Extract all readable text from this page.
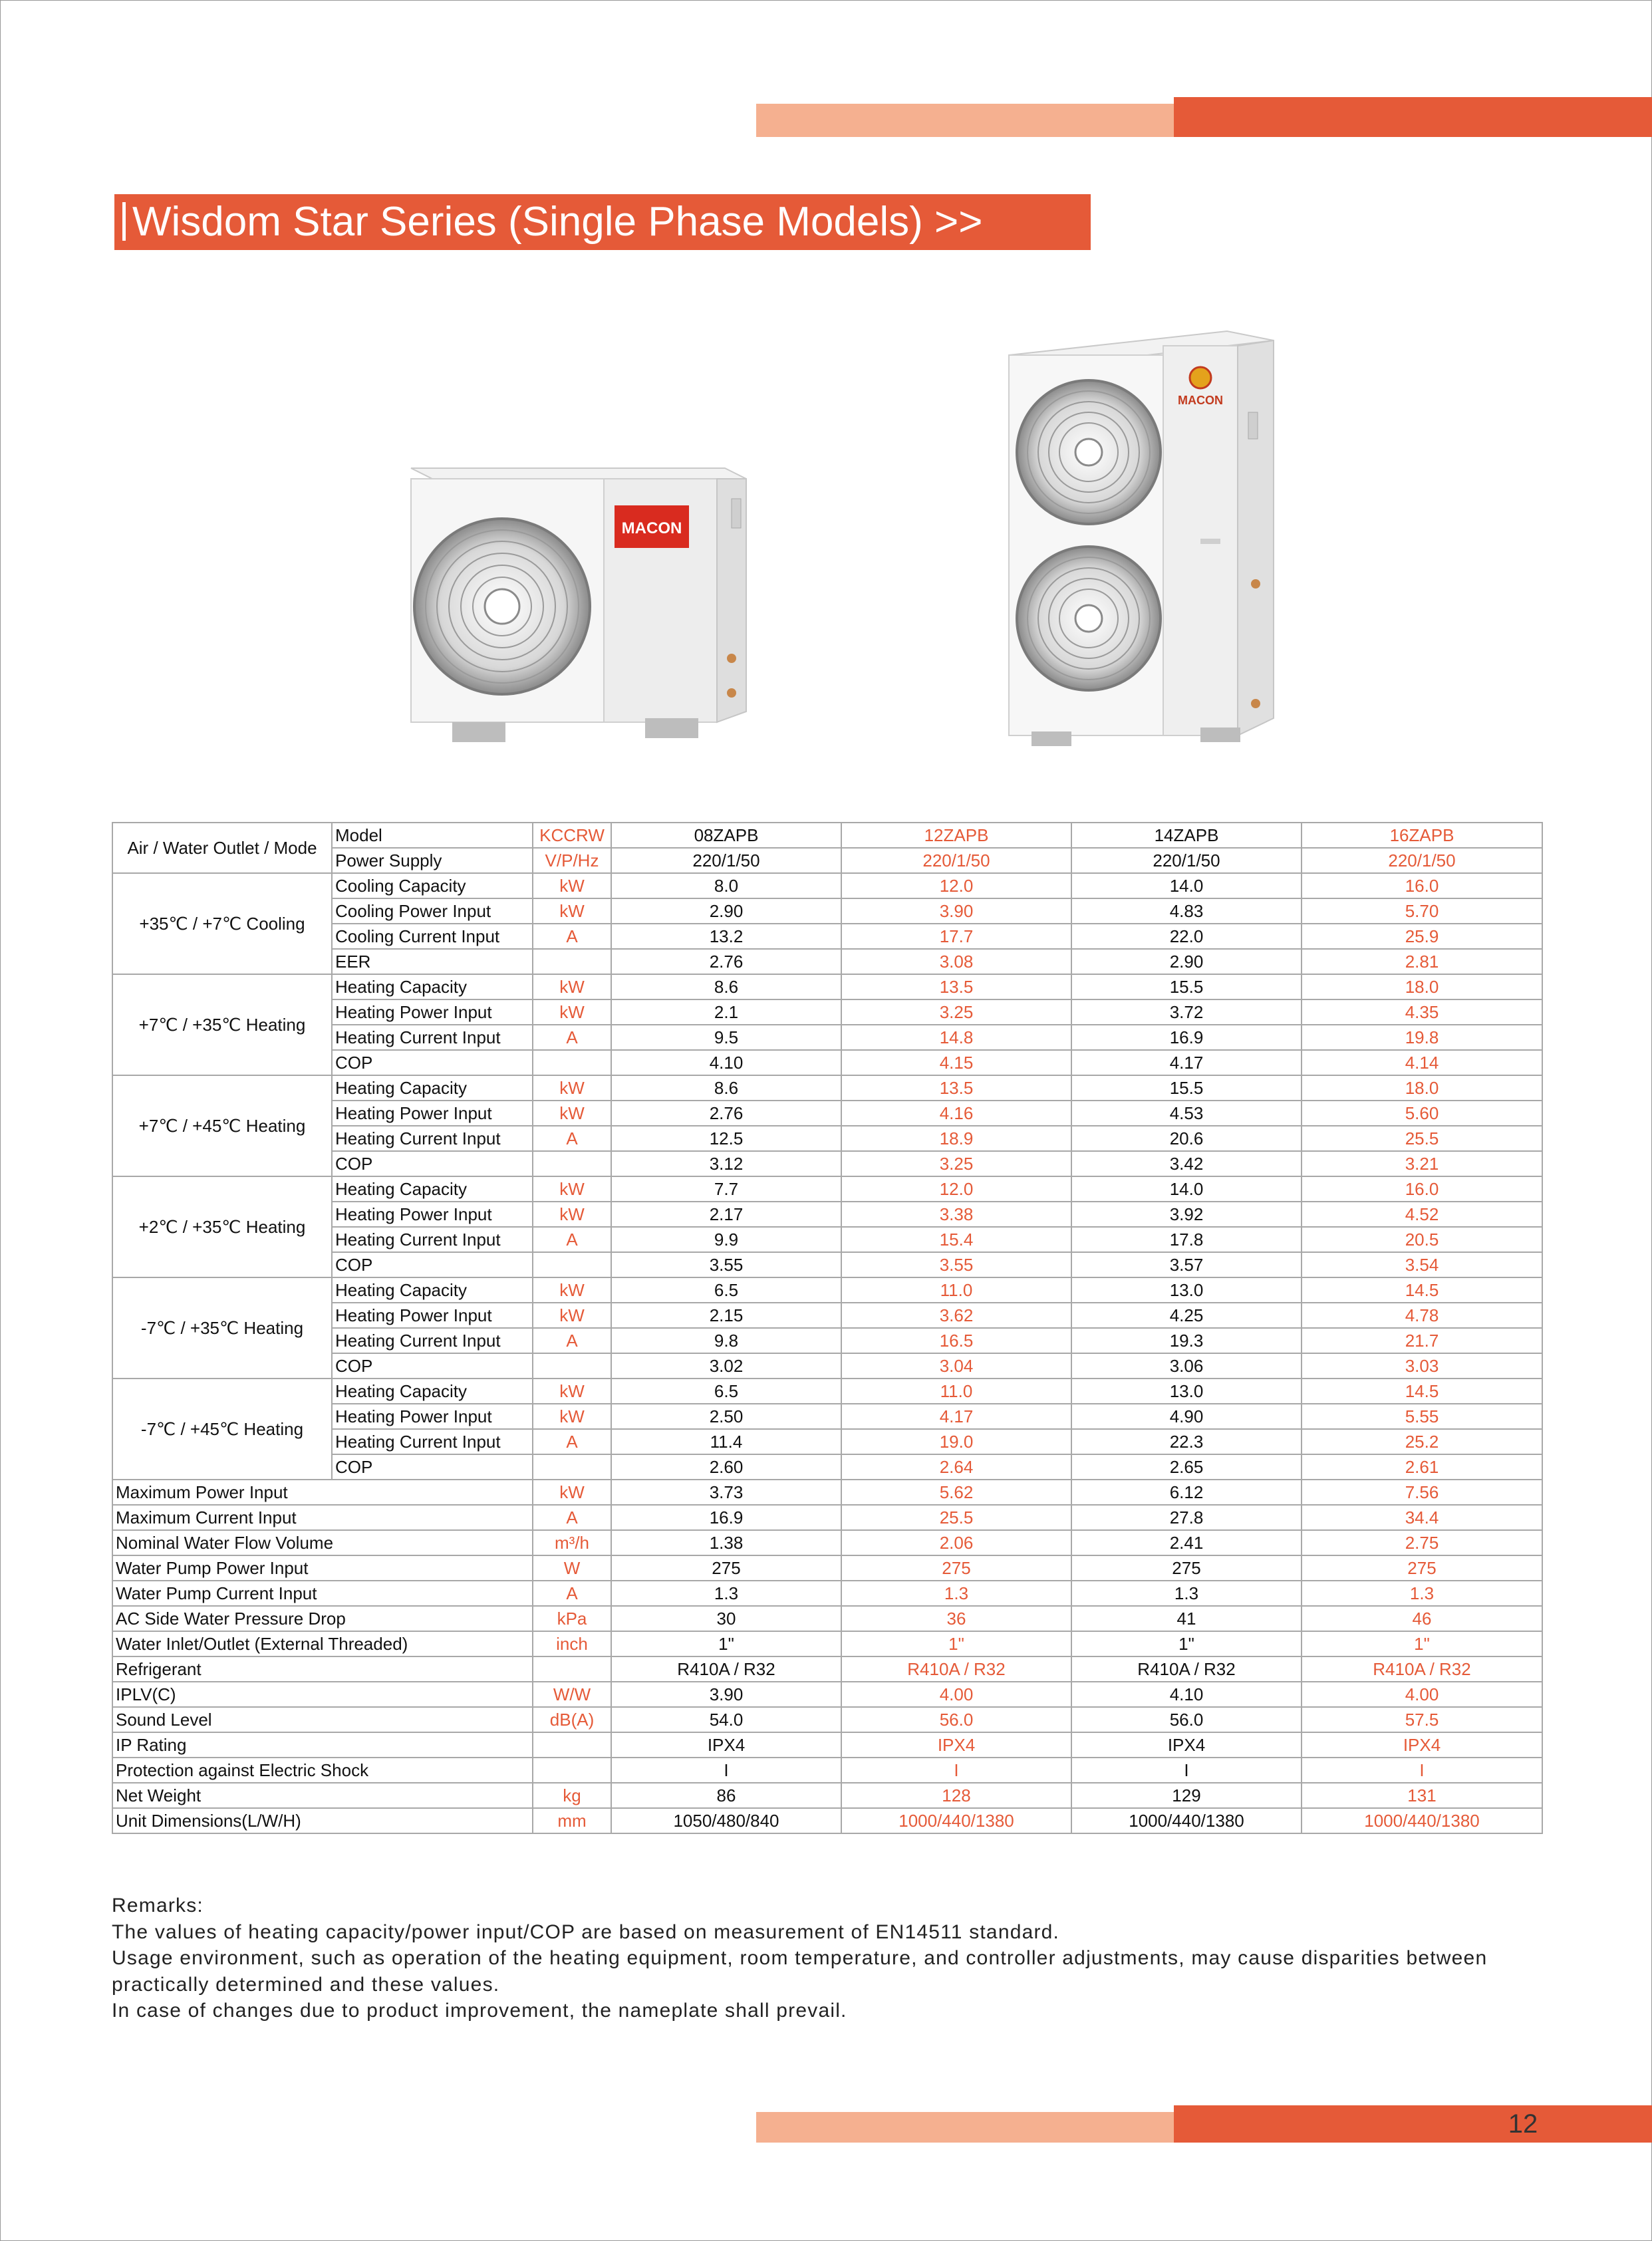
Wisdom Star Series (Single Phase Models) >>
MACON
MACON
Air / Water Outlet / Mode	Model	KCCRW	08ZAPB	12ZAPB	14ZAPB	16ZAPB
	Power Supply	V/P/Hz	220/1/50	220/1/50	220/1/50	220/1/50
+35℃ / +7℃ Cooling	Cooling Capacity	kW	8.0	12.0	14.0	16.0
	Cooling Power Input	kW	2.90	3.90	4.83	5.70
	Cooling Current Input	A	13.2	17.7	22.0	25.9
	EER		2.76	3.08	2.90	2.81
+7℃ / +35℃ Heating	Heating Capacity	kW	8.6	13.5	15.5	18.0
	Heating Power Input	kW	2.1	3.25	3.72	4.35
	Heating Current Input	A	9.5	14.8	16.9	19.8
	COP		4.10	4.15	4.17	4.14
+7℃ / +45℃ Heating	Heating Capacity	kW	8.6	13.5	15.5	18.0
	Heating Power Input	kW	2.76	4.16	4.53	5.60
	Heating Current Input	A	12.5	18.9	20.6	25.5
	COP		3.12	3.25	3.42	3.21
+2℃ / +35℃ Heating	Heating Capacity	kW	7.7	12.0	14.0	16.0
	Heating Power Input	kW	2.17	3.38	3.92	4.52
	Heating Current Input	A	9.9	15.4	17.8	20.5
	COP		3.55	3.55	3.57	3.54
-7℃ / +35℃ Heating	Heating Capacity	kW	6.5	11.0	13.0	14.5
	Heating Power Input	kW	2.15	3.62	4.25	4.78
	Heating Current Input	A	9.8	16.5	19.3	21.7
	COP		3.02	3.04	3.06	3.03
-7℃ / +45℃ Heating	Heating Capacity	kW	6.5	11.0	13.0	14.5
	Heating Power Input	kW	2.50	4.17	4.90	5.55
	Heating Current Input	A	11.4	19.0	22.3	25.2
	COP		2.60	2.64	2.65	2.61
Maximum Power Input		kW	3.73	5.62	6.12	7.56
Maximum Current Input		A	16.9	25.5	27.8	34.4
Nominal Water Flow Volume		m³/h	1.38	2.06	2.41	2.75
Water Pump Power Input		W	275	275	275	275
Water Pump Current Input		A	1.3	1.3	1.3	1.3
AC Side Water Pressure Drop		kPa	30	36	41	46
Water Inlet/Outlet (External Threaded)		inch	1"	1"	1"	1"
Refrigerant			R410A / R32	R410A / R32	R410A / R32	R410A / R32
IPLV(C)		W/W	3.90	4.00	4.10	4.00
Sound Level		dB(A)	54.0	56.0	56.0	57.5
IP Rating			IPX4	IPX4	IPX4	IPX4
Protection against Electric Shock			I	I	I	I
Net Weight		kg	86	128	129	131
Unit Dimensions(L/W/H)		mm	1050/480/840	1000/440/1380	1000/440/1380	1000/440/1380
Remarks:
The values of heating capacity/power input/COP are based on measurement of EN14511 standard.
Usage environment, such as operation of the heating equipment, room temperature, and controller adjustments, may cause disparities between
practically determined and these values.
In case of changes due to product improvement, the nameplate shall prevail.
12
